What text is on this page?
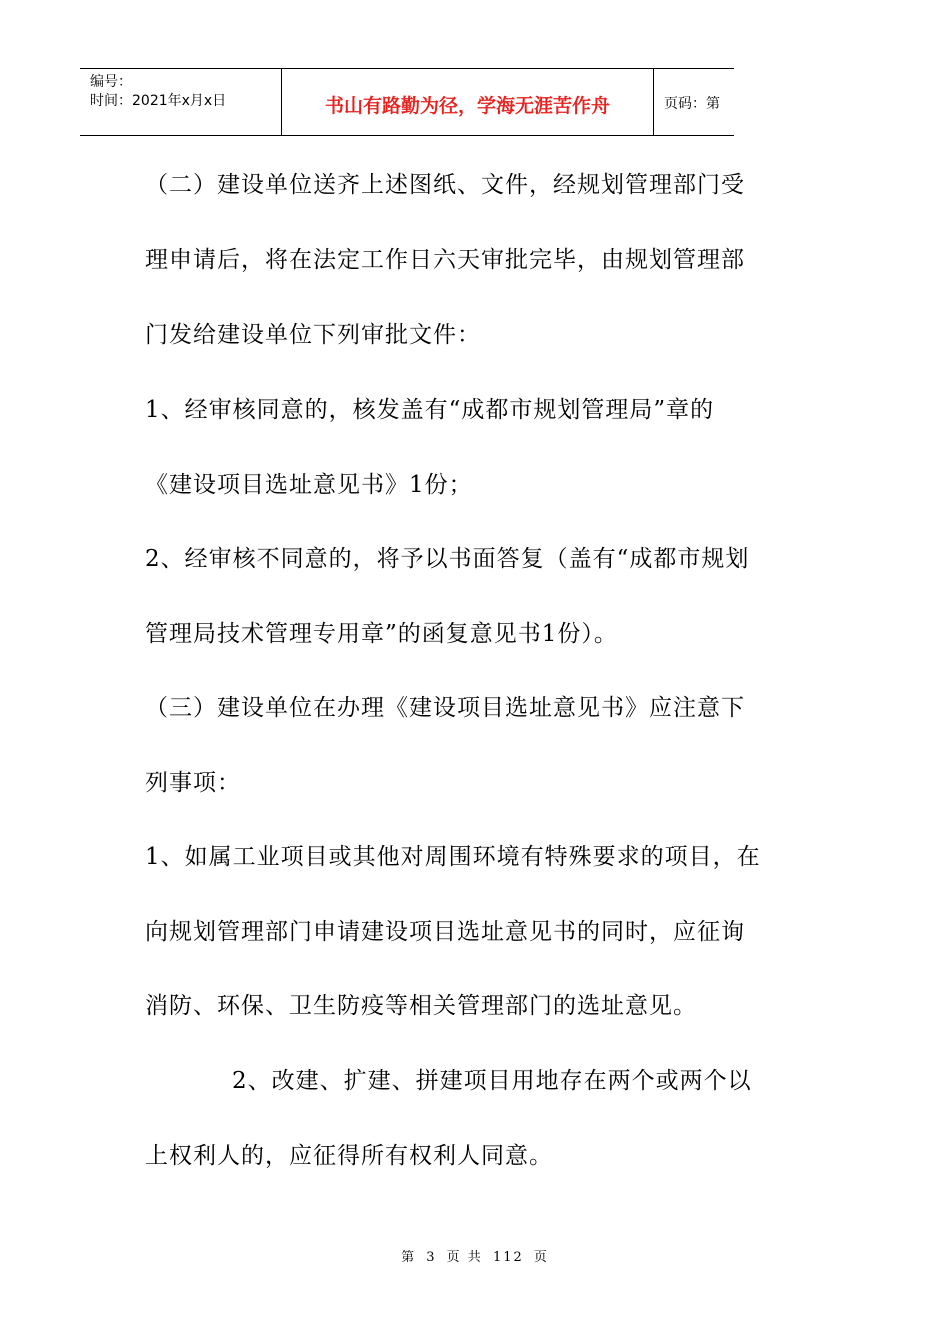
编号：
时间：2021年x月x日	书山有路勤为径，学海无涯苦作舟	页码：第
（二）建设单位送齐上述图纸、文件，经规划管理部门受
理申请后，将在法定工作日六天审批完毕，由规划管理部
门发给建设单位下列审批文件：
1、经审核同意的，核发盖有“成都市规划管理局”章的
《建设项目选址意见书》1份；
2、经审核不同意的，将予以书面答复（盖有“成都市规划
管理局技术管理专用章”的函复意见书1份）。
（三）建设单位在办理《建设项目选址意见书》应注意下
列事项：
1、如属工业项目或其他对周围环境有特殊要求的项目，在
向规划管理部门申请建设项目选址意见书的同时，应征询
消防、环保、卫生防疫等相关管理部门的选址意见。
2、改建、扩建、拼建项目用地存在两个或两个以
上权利人的，应征得所有权利人同意。
第 3 页 共 112 页
